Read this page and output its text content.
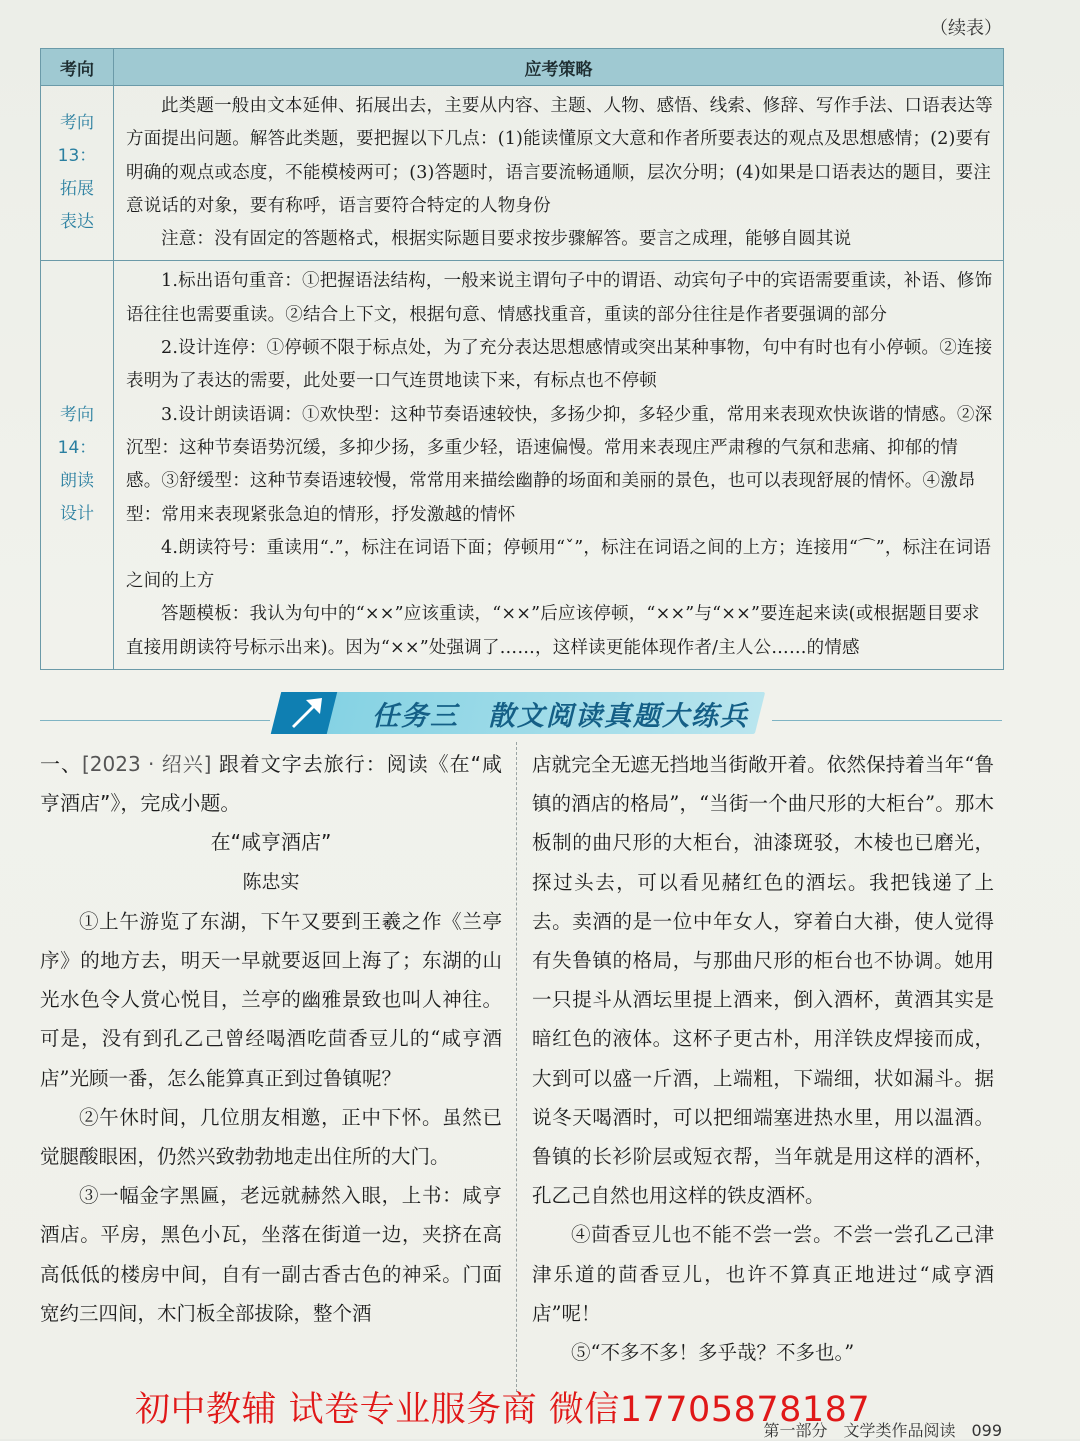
（续表）
考向	应考策略
考向 13：
拓展
表达

此类题一般由文本延伸、拓展出去，主要从内容、主题、人物、感悟、线索、修辞、写作手法、口语表达等方面提出问题。解答此类题，要把握以下几点：(1)能读懂原文大意和作者所要表达的观点及思想感情；(2)要有明确的观点或态度，不能模棱两可；(3)答题时，语言要流畅通顺，层次分明；(4)如果是口语表达的题目，要注意说话的对象，要有称呼，语言要符合特定的人物身份

注意：没有固定的答题格式，根据实际题目要求按步骤解答。要言之成理，能够自圆其说

考向 14：
朗读
设计

1.标出语句重音：①把握语法结构，一般来说主谓句子中的谓语、动宾句子中的宾语需要重读，补语、修饰语往往也需要重读。②结合上下文，根据句意、情感找重音，重读的部分往往是作者要强调的部分

2.设计连停：①停顿不限于标点处，为了充分表达思想感情或突出某种事物，句中有时也有小停顿。②连接表明为了表达的需要，此处要一口气连贯地读下来，有标点也不停顿

3.设计朗读语调：①欢快型：这种节奏语速较快，多扬少抑，多轻少重，常用来表现欢快诙谐的情感。②深沉型：这种节奏语势沉缓，多抑少扬，多重少轻，语速偏慢。常用来表现庄严肃穆的气氛和悲痛、抑郁的情感。③舒缓型：这种节奏语速较慢，常常用来描绘幽静的场面和美丽的景色，也可以表现舒展的情怀。④激昂型：常用来表现紧张急迫的情形，抒发激越的情怀

4.朗读符号：重读用“.”，标注在词语下面；停顿用“ˇ”，标注在词语之间的上方；连接用“⌒”，标注在词语之间的上方

答题模板：我认为句中的“××”应该重读，“××”后应该停顿，“××”与“××”要连起来读(或根据题目要求直接用朗读符号标示出来)。因为“××”处强调了……，这样读更能体现作者/主人公……的情感

任务三　散文阅读真题大练兵

一、[2023 · 绍兴] 跟着文字去旅行：阅读《在“咸亨酒店”》，完成小题。

在“咸亨酒店”

陈忠实

①上午游览了东湖，下午又要到王羲之作《兰亭序》的地方去，明天一早就要返回上海了；东湖的山光水色令人赏心悦目，兰亭的幽雅景致也叫人神往。可是，没有到孔乙己曾经喝酒吃茴香豆儿的“咸亨酒店”光顾一番，怎么能算真正到过鲁镇呢？

②午休时间，几位朋友相邀，正中下怀。虽然已觉腿酸眼困，仍然兴致勃勃地走出住所的大门。

③一幅金字黑匾，老远就赫然入眼，上书：咸亨酒店。平房，黑色小瓦，坐落在街道一边，夹挤在高高低低的楼房中间，自有一副古香古色的神采。门面宽约三四间，木门板全部拔除，整个酒

店就完全无遮无挡地当街敞开着。依然保持着当年“鲁镇的酒店的格局”，“当街一个曲尺形的大柜台”。那木板制的曲尺形的大柜台，油漆斑驳，木棱也已磨光，探过头去，可以看见赭红色的酒坛。我把钱递了上去。卖酒的是一位中年女人，穿着白大褂，使人觉得有失鲁镇的格局，与那曲尺形的柜台也不协调。她用一只提斗从酒坛里提上酒来，倒入酒杯，黄酒其实是暗红色的液体。这杯子更古朴，用洋铁皮焊接而成，大到可以盛一斤酒，上端粗，下端细，状如漏斗。据说冬天喝酒时，可以把细端塞进热水里，用以温酒。鲁镇的长衫阶层或短衣帮，当年就是用这样的酒杯，孔乙己自然也用这样的铁皮酒杯。

④茴香豆儿也不能不尝一尝。不尝一尝孔乙己津津乐道的茴香豆儿，也许不算真正地进过“咸亨酒店”呢！

⑤“不多不多！多乎哉？不多也。”

初中教辅 试卷专业服务商 微信17705878187
第一部分　文学类作品阅读　099
